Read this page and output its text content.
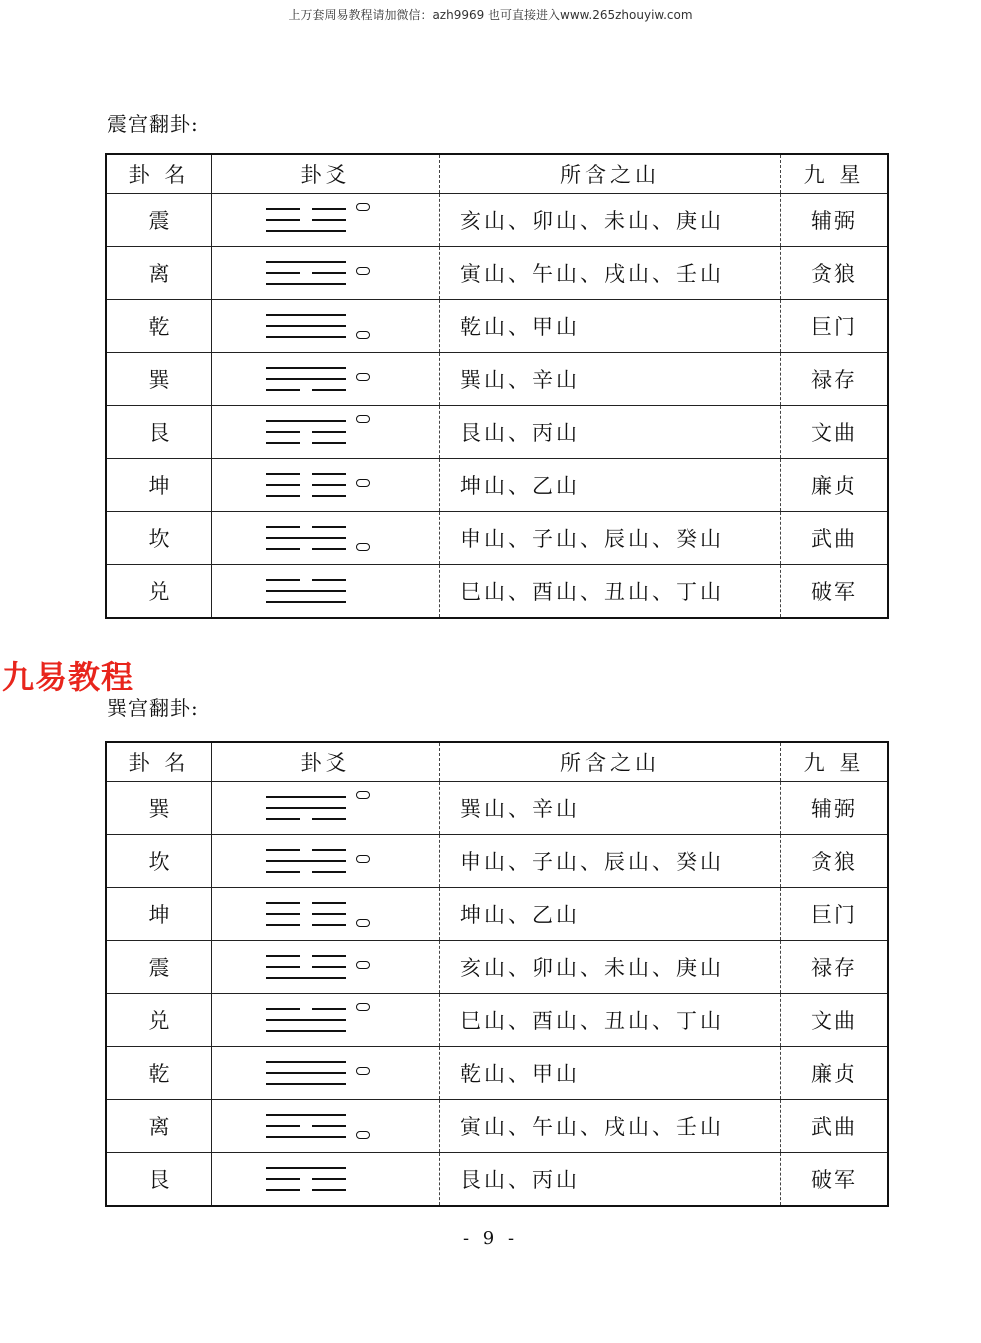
上万套周易教程请加微信：azh9969 也可直接进入www.265zhouyiw.com
震宫翻卦:
卦 名	卦爻	所含之山	九 星
震		亥山、卯山、未山、庚山	辅弼
离		寅山、午山、戌山、壬山	贪狼
乾		乾山、甲山	巨门
巽		巽山、辛山	禄存
艮		艮山、丙山	文曲
坤		坤山、乙山	廉贞
坎		申山、子山、辰山、癸山	武曲
兑		巳山、酉山、丑山、丁山	破军
九易教程
巽宫翻卦:
卦 名	卦爻	所含之山	九 星
巽		巽山、辛山	辅弼
坎		申山、子山、辰山、癸山	贪狼
坤		坤山、乙山	巨门
震		亥山、卯山、未山、庚山	禄存
兑		巳山、酉山、丑山、丁山	文曲
乾		乾山、甲山	廉贞
离		寅山、午山、戌山、壬山	武曲
艮		艮山、丙山	破军
- 9 -
